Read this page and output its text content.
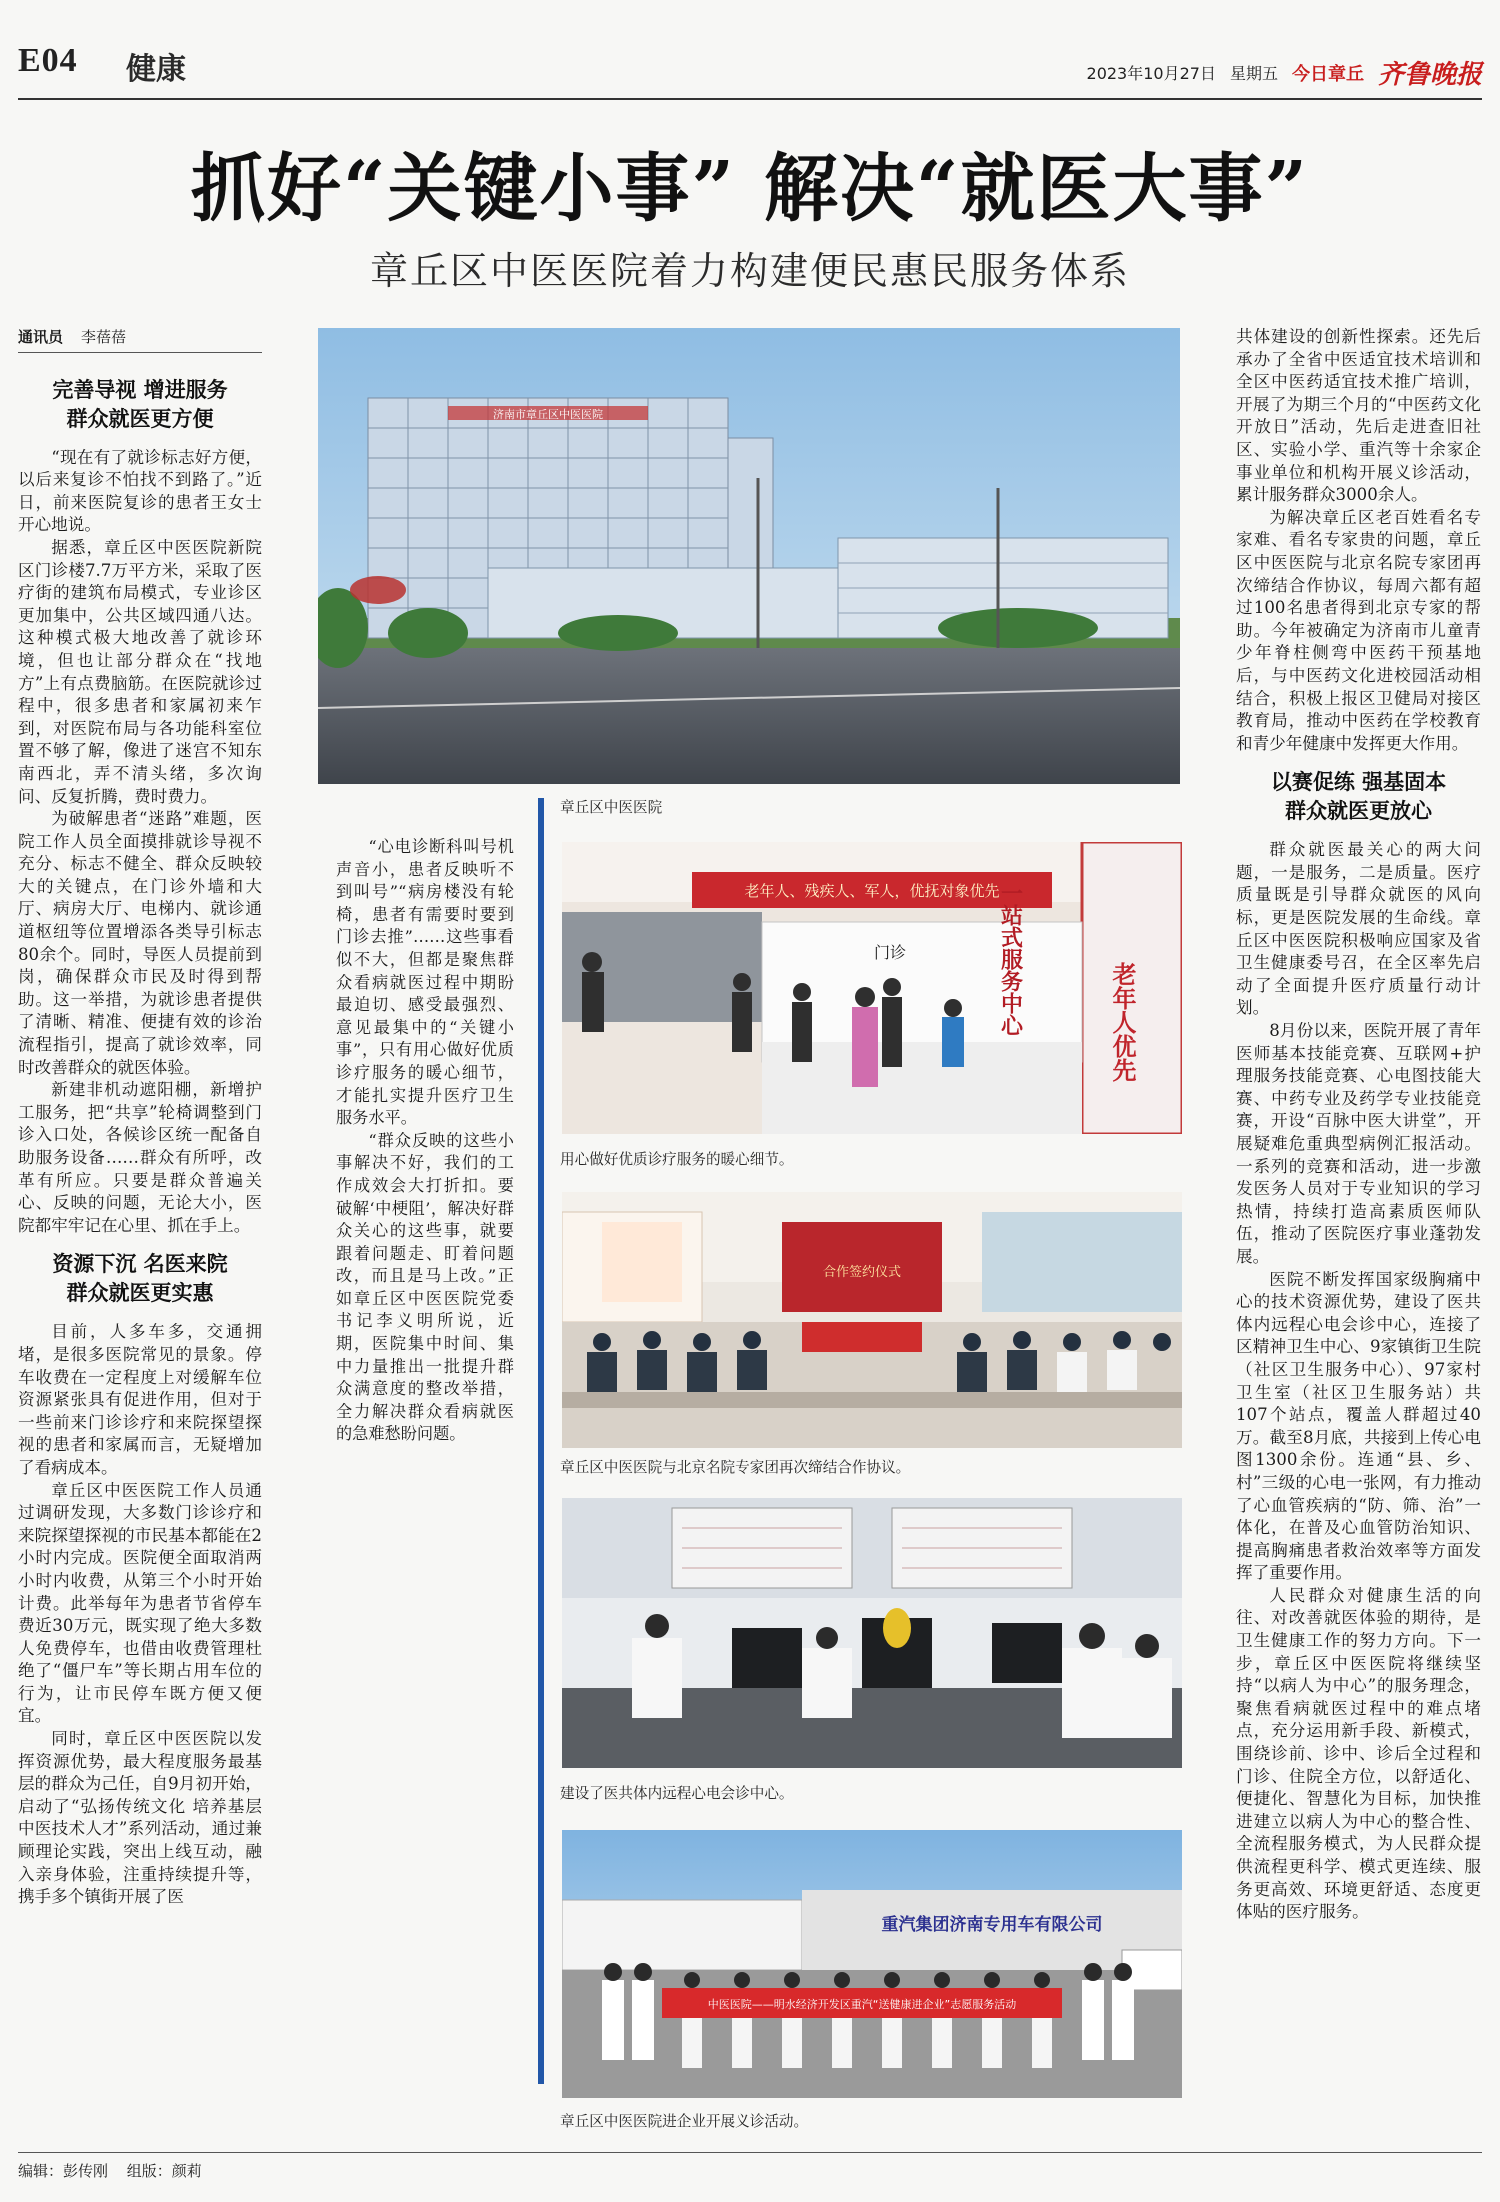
E04 健康	2023年10月27日 星期五 今日章丘 齐鲁晚报
抓好“关键小事” 解决“就医大事”
章丘区中医医院着力构建便民惠民服务体系
通讯员 李蓓蓓
完善导视 增进服务
群众就医更方便

“现在有了就诊标志好方便，以后来复诊不怕找不到路了。”近日，前来医院复诊的患者王女士开心地说。

据悉，章丘区中医医院新院区门诊楼7.7万平方米，采取了医疗街的建筑布局模式，专业诊区更加集中，公共区域四通八达。这种模式极大地改善了就诊环境，但也让部分群众在“找地方”上有点费脑筋。在医院就诊过程中，很多患者和家属初来乍到，对医院布局与各功能科室位置不够了解，像进了迷宫不知东南西北，弄不清头绪，多次询问、反复折腾，费时费力。

为破解患者“迷路”难题，医院工作人员全面摸排就诊导视不充分、标志不健全、群众反映较大的关键点，在门诊外墙和大厅、病房大厅、电梯内、就诊通道枢纽等位置增添各类导引标志80余个。同时，导医人员提前到岗，确保群众市民及时得到帮助。这一举措，为就诊患者提供了清晰、精准、便捷有效的诊治流程指引，提高了就诊效率，同时改善群众的就医体验。

新建非机动遮阳棚，新增护工服务，把“共享”轮椅调整到门诊入口处，各候诊区统一配备自助服务设备……群众有所呼，改革有所应。只要是群众普遍关心、反映的问题，无论大小，医院都牢牢记在心里、抓在手上。

资源下沉 名医来院
群众就医更实惠

目前，人多车多，交通拥堵，是很多医院常见的景象。停车收费在一定程度上对缓解车位资源紧张具有促进作用，但对于一些前来门诊诊疗和来院探望探视的患者和家属而言，无疑增加了看病成本。

章丘区中医医院工作人员通过调研发现，大多数门诊诊疗和来院探望探视的市民基本都能在2小时内完成。医院便全面取消两小时内收费，从第三个小时开始计费。此举每年为患者节省停车费近30万元，既实现了绝大多数人免费停车，也借由收费管理杜绝了“僵尸车”等长期占用车位的行为，让市民停车既方便又便宜。

同时，章丘区中医医院以发挥资源优势，最大程度服务最基层的群众为己任，自9月初开始，启动了“弘扬传统文化 培养基层中医技术人才”系列活动，通过兼顾理论实践，突出上线互动，融入亲身体验，注重持续提升等，携手多个镇街开展了医

“心电诊断科叫号机声音小，患者反映听不到叫号”“病房楼没有轮椅，患者有需要时要到门诊去推”……这些事看似不大，但都是聚焦群众看病就医过程中期盼最迫切、感受最强烈、意见最集中的“关键小事”，只有用心做好优质诊疗服务的暖心细节，才能扎实提升医疗卫生服务水平。

“群众反映的这些小事解决不好，我们的工作成效会大打折扣。要破解‘中梗阻’，解决好群众关心的这些事，就要跟着问题走、盯着问题改，而且是马上改。”正如章丘区中医医院党委书记李义明所说，近期，医院集中时间、集中力量推出一批提升群众满意度的整改举措，全力解决群众看病就医的急难愁盼问题。

济南市章丘区中医医院
章丘区中医医院
老年人、残疾人、军人，优抚对象优先
门诊	一站式服务中心	老年人优先
用心做好优质诊疗服务的暖心细节。
合作签约仪式
章丘区中医医院与北京名院专家团再次缔结合作协议。
建设了医共体内远程心电会诊中心。
重汽集团济南专用车有限公司
中医医院——明水经济开发区重汽“送健康进企业”志愿服务活动
章丘区中医医院进企业开展义诊活动。

共体建设的创新性探索。还先后承办了全省中医适宜技术培训和全区中医药适宜技术推广培训，开展了为期三个月的“中医药文化开放日”活动，先后走进查旧社区、实验小学、重汽等十余家企事业单位和机构开展义诊活动，累计服务群众3000余人。

为解决章丘区老百姓看名专家难、看名专家贵的问题，章丘区中医医院与北京名院专家团再次缔结合作协议，每周六都有超过100名患者得到北京专家的帮助。今年被确定为济南市儿童青少年脊柱侧弯中医药干预基地后，与中医药文化进校园活动相结合，积极上报区卫健局对接区教育局，推动中医药在学校教育和青少年健康中发挥更大作用。

以赛促练 强基固本
群众就医更放心

群众就医最关心的两大问题，一是服务，二是质量。医疗质量既是引导群众就医的风向标，更是医院发展的生命线。章丘区中医医院积极响应国家及省卫生健康委号召，在全区率先启动了全面提升医疗质量行动计划。

8月份以来，医院开展了青年医师基本技能竞赛、互联网+护理服务技能竞赛、心电图技能大赛、中药专业及药学专业技能竞赛，开设“百脉中医大讲堂”，开展疑难危重典型病例汇报活动。一系列的竞赛和活动，进一步激发医务人员对于专业知识的学习热情，持续打造高素质医师队伍，推动了医院医疗事业蓬勃发展。

医院不断发挥国家级胸痛中心的技术资源优势，建设了医共体内远程心电会诊中心，连接了区精神卫生中心、9家镇街卫生院（社区卫生服务中心）、97家村卫生室（社区卫生服务站）共107个站点，覆盖人群超过40万。截至8月底，共接到上传心电图1300余份。连通“县、乡、村”三级的心电一张网，有力推动了心血管疾病的“防、筛、治”一体化，在普及心血管防治知识、提高胸痛患者救治效率等方面发挥了重要作用。

人民群众对健康生活的向往、对改善就医体验的期待，是卫生健康工作的努力方向。下一步，章丘区中医医院将继续坚持“以病人为中心”的服务理念，聚焦看病就医过程中的难点堵点，充分运用新手段、新模式，围绕诊前、诊中、诊后全过程和门诊、住院全方位，以舒适化、便捷化、智慧化为目标，加快推进建立以病人为中心的整合性、全流程服务模式，为人民群众提供流程更科学、模式更连续、服务更高效、环境更舒适、态度更体贴的医疗服务。

编辑：彭传刚 组版：颜莉
